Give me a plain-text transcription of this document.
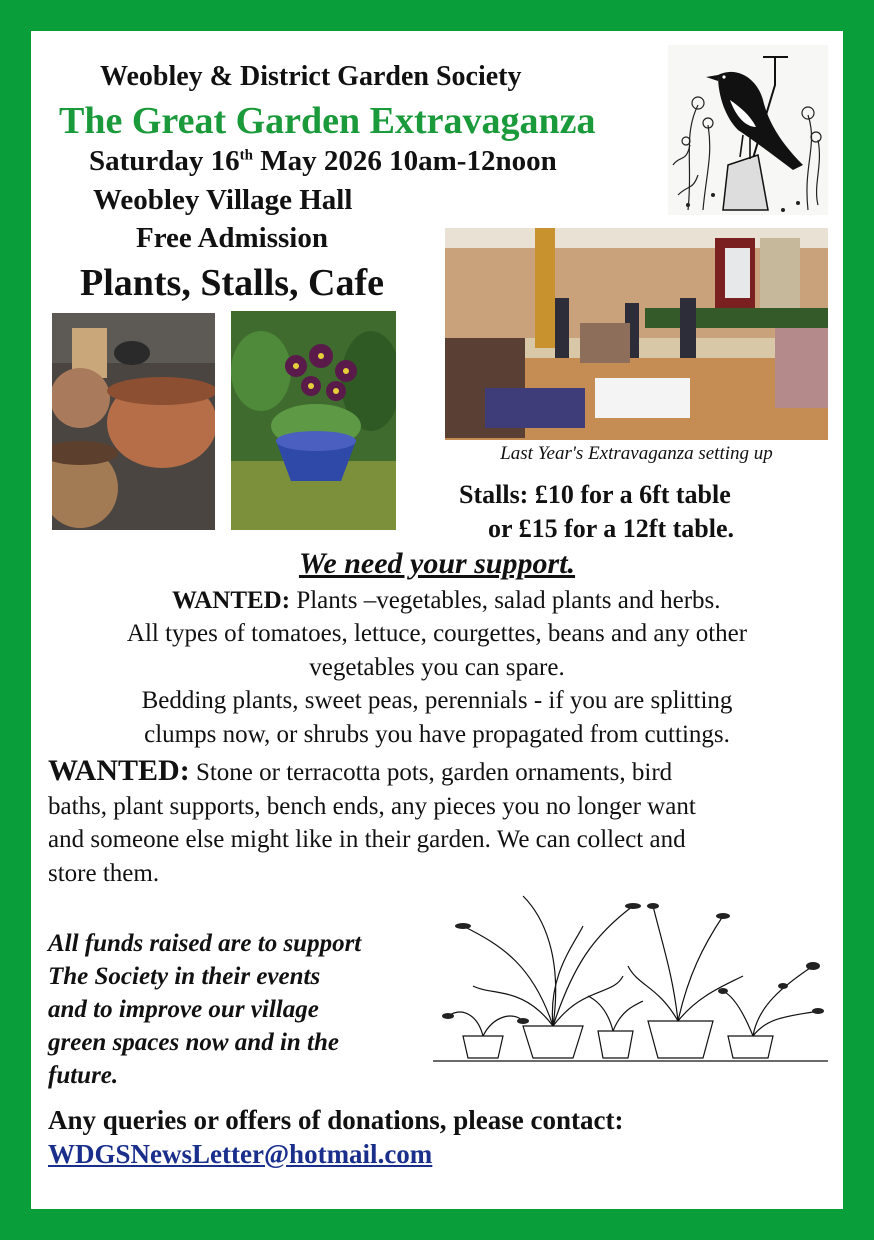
Weobley & District Garden Society
The Great Garden Extravaganza
Saturday 16th May 2026 10am-12noon
Weobley Village Hall
Free Admission
Plants, Stalls, Cafe
Last Year's Extravaganza setting up
Stalls: £10 for a 6ft table
or £15 for a 12ft table.
We need your support.
WANTED: Plants –vegetables, salad plants and herbs.
All types of tomatoes, lettuce, courgettes, beans and any other
vegetables you can spare.
Bedding plants, sweet peas, perennials - if you are splitting
clumps now, or shrubs you have propagated from cuttings.
WANTED: Stone or terracotta pots, garden ornaments, bird
baths, plant supports, bench ends, any pieces you no longer want
and someone else might like in their garden. We can collect and
store them.
All funds raised are to support
The Society in their events
and to improve our village
green spaces now and in the
future.
Any queries or offers of donations, please contact:
WDGSNewsLetter@hotmail.com
